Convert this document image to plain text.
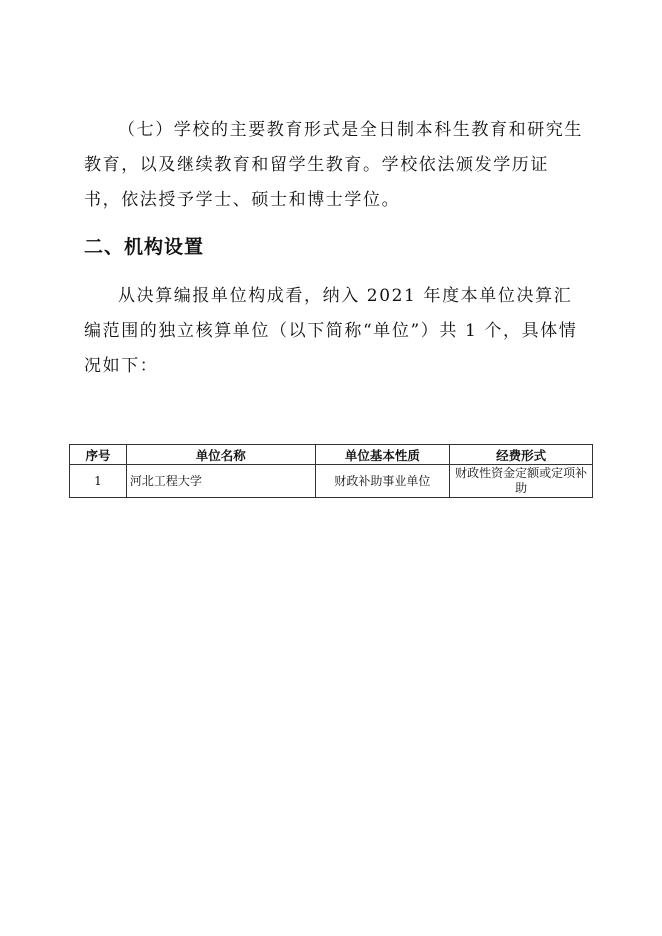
（七）学校的主要教育形式是全日制本科生教育和研究生教育，以及继续教育和留学生教育。学校依法颁发学历证书，依法授予学士、硕士和博士学位。

二、机构设置

从决算编报单位构成看，纳入 2021 年度本单位决算汇编范围的独立核算单位（以下简称“单位”）共 1 个，具体情况如下：

序号	单位名称	单位基本性质	经费形式
1	河北工程大学	财政补助事业单位	财政性资金定额或定项补助
